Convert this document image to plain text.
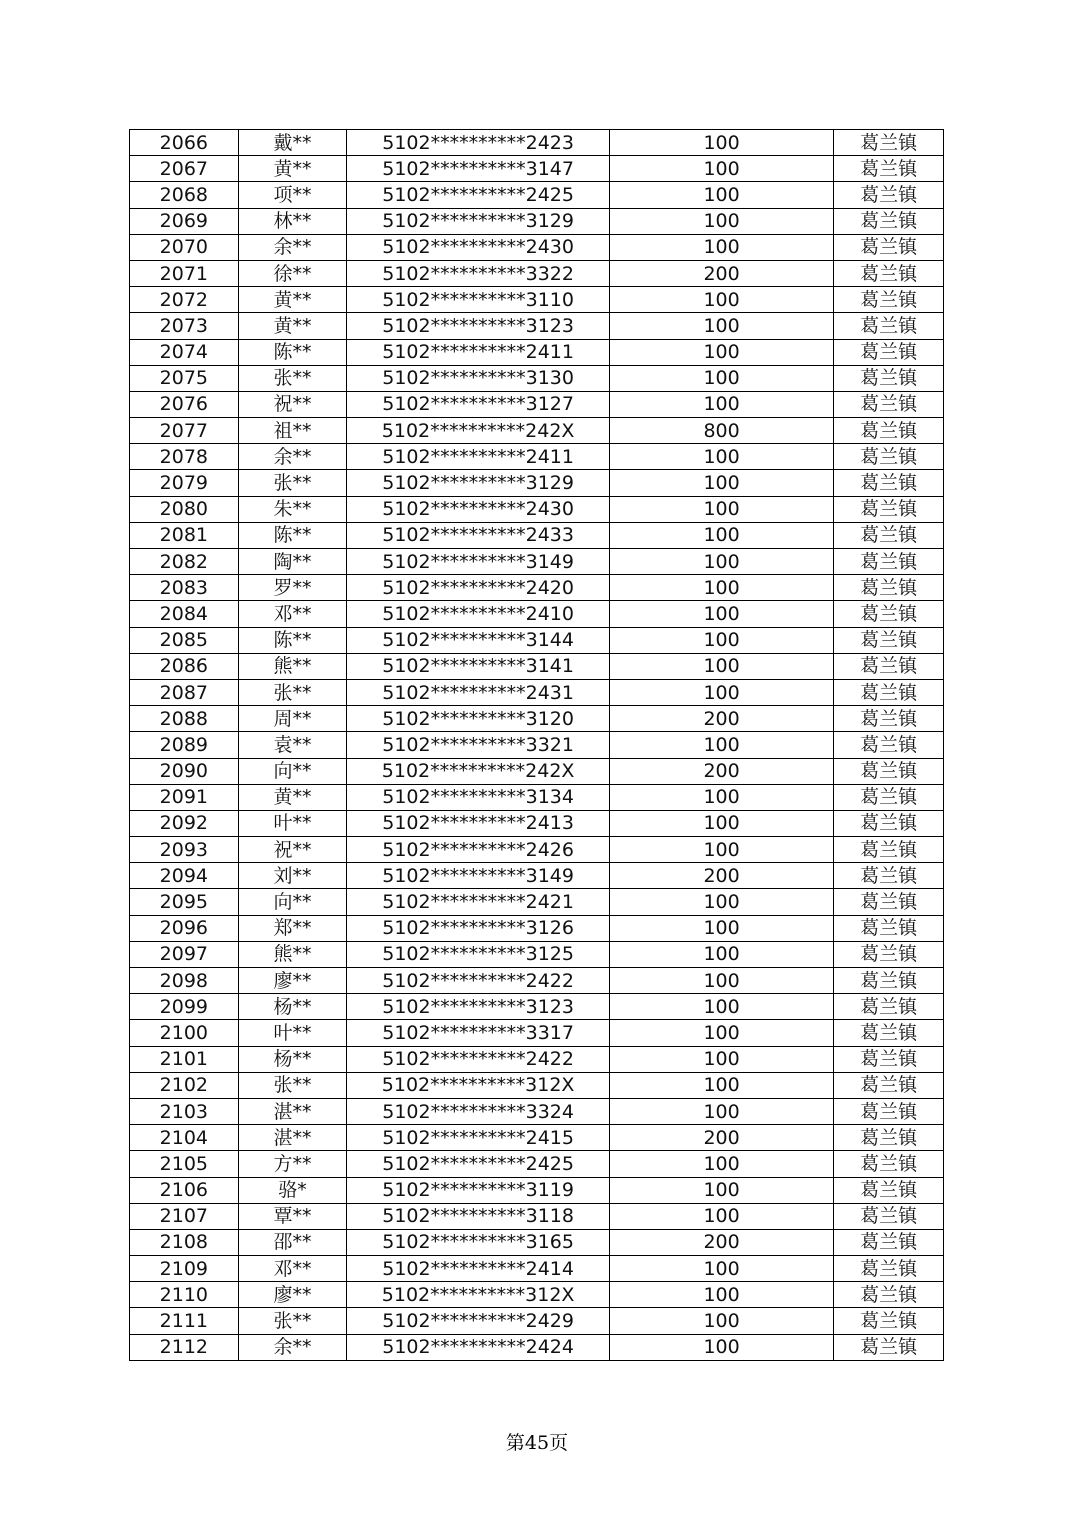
2066	戴**	5102**********2423	100	葛兰镇
2067	黄**	5102**********3147	100	葛兰镇
2068	项**	5102**********2425	100	葛兰镇
2069	林**	5102**********3129	100	葛兰镇
2070	余**	5102**********2430	100	葛兰镇
2071	徐**	5102**********3322	200	葛兰镇
2072	黄**	5102**********3110	100	葛兰镇
2073	黄**	5102**********3123	100	葛兰镇
2074	陈**	5102**********2411	100	葛兰镇
2075	张**	5102**********3130	100	葛兰镇
2076	祝**	5102**********3127	100	葛兰镇
2077	祖**	5102**********242X	800	葛兰镇
2078	余**	5102**********2411	100	葛兰镇
2079	张**	5102**********3129	100	葛兰镇
2080	朱**	5102**********2430	100	葛兰镇
2081	陈**	5102**********2433	100	葛兰镇
2082	陶**	5102**********3149	100	葛兰镇
2083	罗**	5102**********2420	100	葛兰镇
2084	邓**	5102**********2410	100	葛兰镇
2085	陈**	5102**********3144	100	葛兰镇
2086	熊**	5102**********3141	100	葛兰镇
2087	张**	5102**********2431	100	葛兰镇
2088	周**	5102**********3120	200	葛兰镇
2089	袁**	5102**********3321	100	葛兰镇
2090	向**	5102**********242X	200	葛兰镇
2091	黄**	5102**********3134	100	葛兰镇
2092	叶**	5102**********2413	100	葛兰镇
2093	祝**	5102**********2426	100	葛兰镇
2094	刘**	5102**********3149	200	葛兰镇
2095	向**	5102**********2421	100	葛兰镇
2096	郑**	5102**********3126	100	葛兰镇
2097	熊**	5102**********3125	100	葛兰镇
2098	廖**	5102**********2422	100	葛兰镇
2099	杨**	5102**********3123	100	葛兰镇
2100	叶**	5102**********3317	100	葛兰镇
2101	杨**	5102**********2422	100	葛兰镇
2102	张**	5102**********312X	100	葛兰镇
2103	湛**	5102**********3324	100	葛兰镇
2104	湛**	5102**********2415	200	葛兰镇
2105	方**	5102**********2425	100	葛兰镇
2106	骆*	5102**********3119	100	葛兰镇
2107	覃**	5102**********3118	100	葛兰镇
2108	邵**	5102**********3165	200	葛兰镇
2109	邓**	5102**********2414	100	葛兰镇
2110	廖**	5102**********312X	100	葛兰镇
2111	张**	5102**********2429	100	葛兰镇
2112	余**	5102**********2424	100	葛兰镇
第45页
